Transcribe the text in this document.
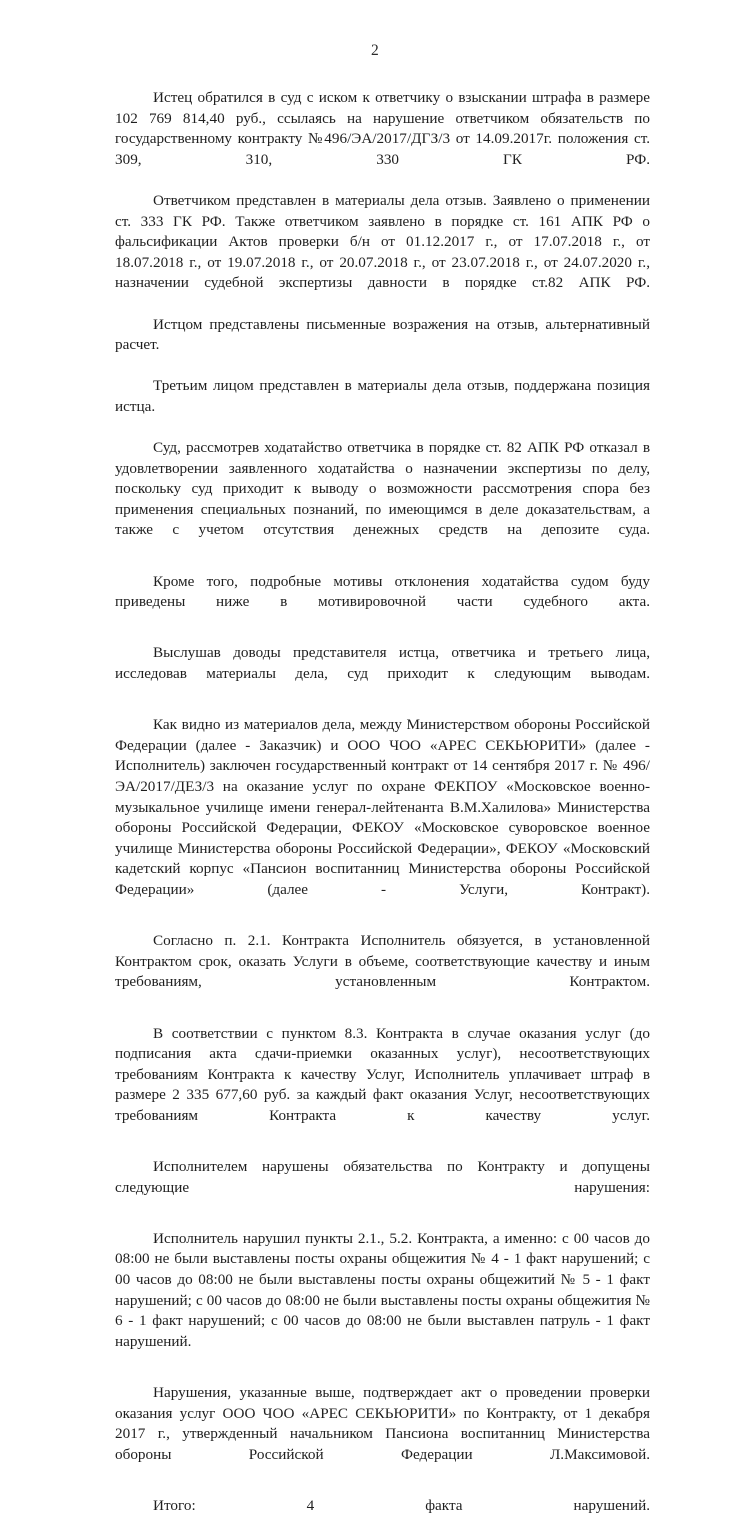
2

Истец обратился в суд с иском к ответчику о взыскании штрафа в размере 102 769 814,40 руб., ссылаясь на нарушение ответчиком обязательств по государственному контракту №496/ЭА/2017/ДГЗ/3 от 14.09.2017г. положения ст. 309, 310, 330 ГК РФ.

Ответчиком представлен в материалы дела отзыв. Заявлено о применении ст. 333 ГК РФ. Также ответчиком заявлено в порядке ст. 161 АПК РФ о фальсификации Актов проверки б/н от 01.12.2017 г., от 17.07.2018 г., от 18.07.2018 г., от 19.07.2018 г., от 20.07.2018 г., от 23.07.2018 г., от 24.07.2020 г., назначении судебной экспертизы давности в порядке ст.82 АПК РФ.

Истцом представлены письменные возражения на отзыв, альтернативный расчет.

Третьим лицом представлен в материалы дела отзыв, поддержана позиция истца.

Суд, рассмотрев ходатайство ответчика в порядке ст. 82 АПК РФ отказал в удовлетворении заявленного ходатайства о назначении экспертизы по делу, поскольку суд приходит к выводу о возможности рассмотрения спора без применения специальных познаний, по имеющимся в деле доказательствам, а также с учетом отсутствия денежных средств на депозите суда.

Кроме того, подробные мотивы отклонения ходатайства судом буду приведены ниже в мотивировочной части судебного акта.

Выслушав доводы представителя истца, ответчика и третьего лица, исследовав материалы дела, суд приходит к следующим выводам.

Как видно из материалов дела, между Министерством обороны Российской Федерации (далее - Заказчик) и ООО ЧОО «АРЕС СЕКЬЮРИТИ» (далее - Исполнитель) заключен государственный контракт от 14 сентября 2017 г. № 496/ЭА/2017/ДЕЗ/3 на оказание услуг по охране ФЕКПОУ «Московское военно-музыкальное училище имени генерал-лейтенанта В.М.Халилова» Министерства обороны Российской Федерации, ФЕКОУ «Московское суворовское военное училище Министерства обороны Российской Федерации», ФЕКОУ «Московский кадетский корпус «Пансион воспитанниц Министерства обороны Российской Федерации» (далее - Услуги, Контракт).

Согласно п. 2.1. Контракта Исполнитель обязуется, в установленной Контрактом срок, оказать Услуги в объеме, соответствующие качеству и иным требованиям, установленным Контрактом.

В соответствии с пунктом 8.3. Контракта в случае оказания услуг (до подписания акта сдачи-приемки оказанных услуг), несоответствующих требованиям Контракта к качеству Услуг, Исполнитель уплачивает штраф в размере 2 335 677,60 руб. за каждый факт оказания Услуг, несоответствующих требованиям Контракта к качеству услуг.

Исполнителем нарушены обязательства по Контракту и допущены следующие нарушения:

Исполнитель нарушил пункты 2.1., 5.2. Контракта, а именно: с 00 часов до 08:00 не были выставлены посты охраны общежития № 4 - 1 факт нарушений; с 00 часов до 08:00 не были выставлены посты охраны общежитий № 5 - 1 факт нарушений; с 00 часов до 08:00 не были выставлены посты охраны общежития № 6 - 1 факт нарушений; с 00 часов до 08:00 не были выставлен патруль - 1 факт нарушений.

Нарушения, указанные выше, подтверждает акт о проведении проверки оказания услуг ООО ЧОО «АРЕС СЕКЬЮРИТИ» по Контракту, от 1 декабря 2017 г., утвержденный начальником Пансиона воспитанниц Министерства обороны Российской Федерации Л.Максимовой.

Итого: 4 факта нарушений.
